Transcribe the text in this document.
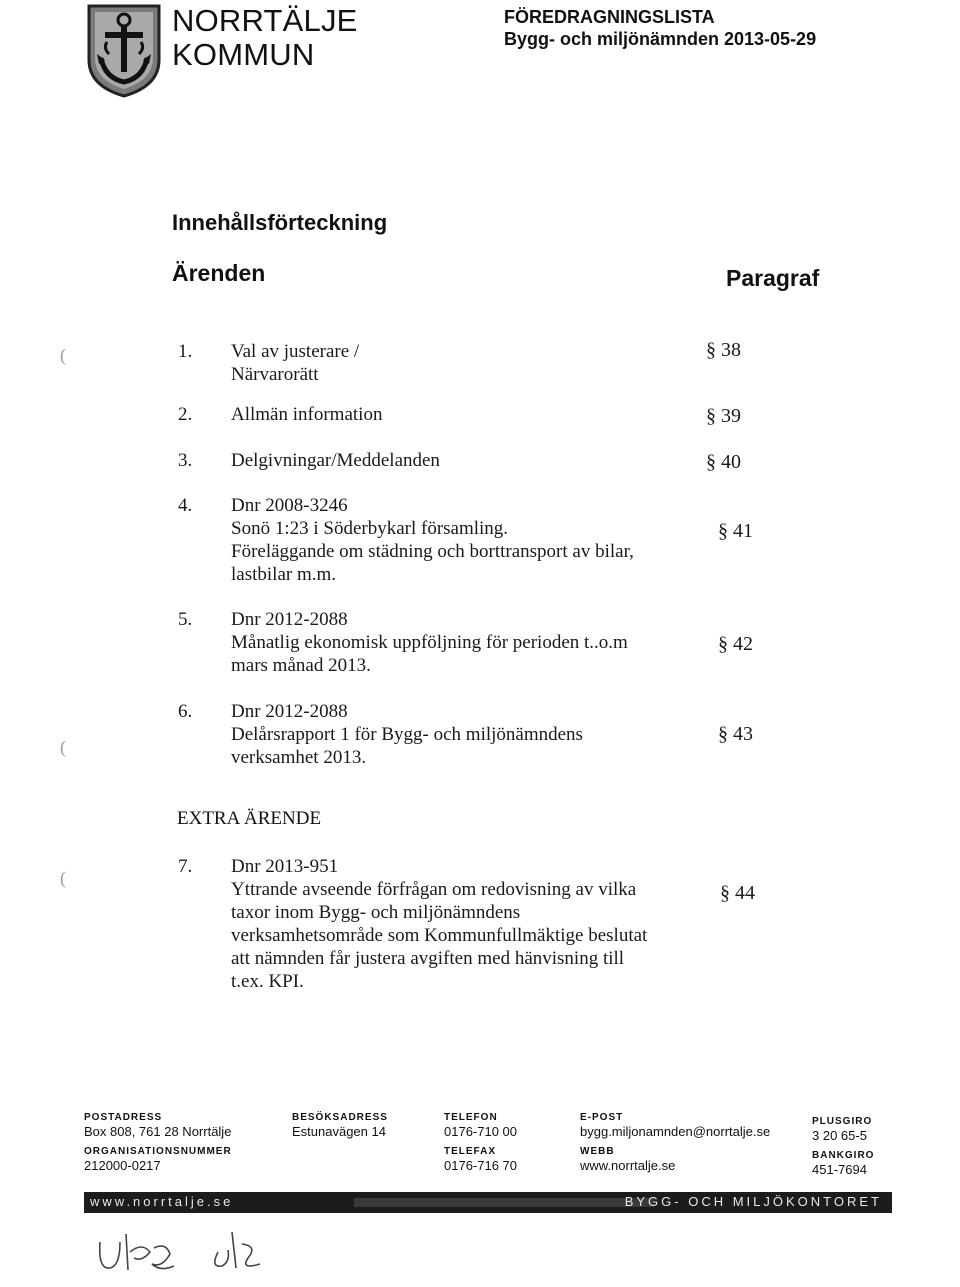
NORRTÄLJE
KOMMUN
FÖREDRAGNINGSLISTA
Bygg- och miljönämnden 2013-05-29
Innehållsförteckning
Ärenden	Paragraf
1. Val av justerare /
Närvarorätt
§ 38
2. Allmän information	§ 39
3. Delgivningar/Meddelanden	§ 40
4. Dnr 2008-3246
Sonö 1:23 i Söderbykarl församling.
Föreläggande om städning och borttransport av bilar,
lastbilar m.m.
§ 41
5. Dnr 2012-2088
Månatlig ekonomisk uppföljning för perioden t..o.m
mars månad 2013.
§ 42
6. Dnr 2012-2088
Delårsrapport 1 för Bygg- och miljönämndens
verksamhet 2013.
§ 43
EXTRA ÄRENDE
7. Dnr 2013-951
Yttrande avseende förfrågan om redovisning av vilka
taxor inom Bygg- och miljönämndens
verksamhetsområde som Kommunfullmäktige beslutat
att nämnden får justera avgiften med hänvisning till
t.ex. KPI.
§ 44
(
(
(
POSTADRESS
Box 808, 761 28 Norrtälje
ORGANISATIONSNUMMER
212000-0217
BESÖKSADRESS
Estunavägen 14
TELEFON
0176-710 00
TELEFAX
0176-716 70
E-POST
bygg.miljonamnden@norrtalje.se
WEBB
www.norrtalje.se
PLUSGIRO
3 20 65-5
BANKGIRO
451-7694
www.norrtalje.se	BYGG- OCH MILJÖKONTORET
